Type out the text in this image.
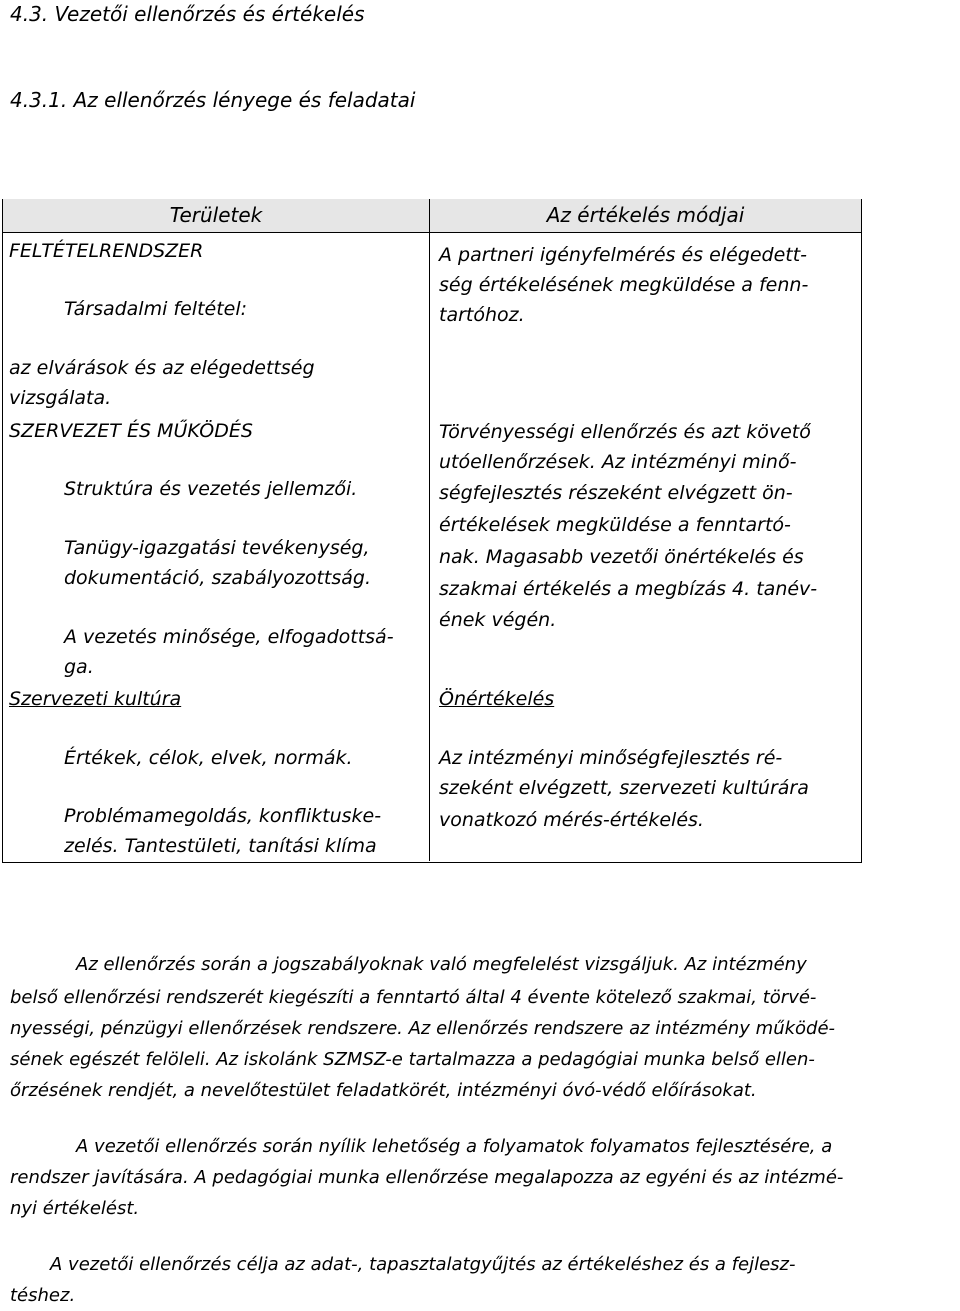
4.3. Vezetői ellenőrzés és értékelés
4.3.1. Az ellenőrzés lényege és feladatai
Területek	Az értékelés módjai
FELTÉTELRENDSZER
Társadalmi feltétel:
az elvárások és az elégedettség
vizsgálata.
SZERVEZET ÉS MŰKÖDÉS
Struktúra és vezetés jellemzői.
Tanügy-igazgatási tevékenység,
dokumentáció, szabályozottság.
A vezetés minősége, elfogadottsá-
ga.
Szervezeti kultúra
Értékek, célok, elvek, normák.
Problémamegoldás, konfliktuske-
zelés. Tantestületi, tanítási klíma
A partneri igényfelmérés és elégedett-
ség értékelésének megküldése a fenn-
tartóhoz.
Törvényességi ellenőrzés és azt követő
utóellenőrzések. Az intézményi minő-
ségfejlesztés részeként elvégzett ön-
értékelések megküldése a fenntartó-
nak. Magasabb vezetői önértékelés és
szakmai értékelés a megbízás 4. tanév-
ének végén.
Önértékelés
Az intézményi minőségfejlesztés ré-
szeként elvégzett, szervezeti kultúrára
vonatkozó mérés-értékelés.
Az ellenőrzés során a jogszabályoknak való megfelelést vizsgáljuk. Az intézmény
belső ellenőrzési rendszerét kiegészíti a fenntartó által 4 évente kötelező szakmai, törvé-
nyességi, pénzügyi ellenőrzések rendszere. Az ellenőrzés rendszere az intézmény működé-
sének egészét felöleli. Az iskolánk SZMSZ-e tartalmazza a pedagógiai munka belső ellen-
őrzésének rendjét, a nevelőtestület feladatkörét, intézményi óvó-védő előírásokat.
A vezetői ellenőrzés során nyílik lehetőség a folyamatok folyamatos fejlesztésére, a
rendszer javítására. A pedagógiai munka ellenőrzése megalapozza az egyéni és az intézmé-
nyi értékelést.
A vezetői ellenőrzés célja az adat-, tapasztalatgyűjtés az értékeléshez és a fejlesz-
téshez.
